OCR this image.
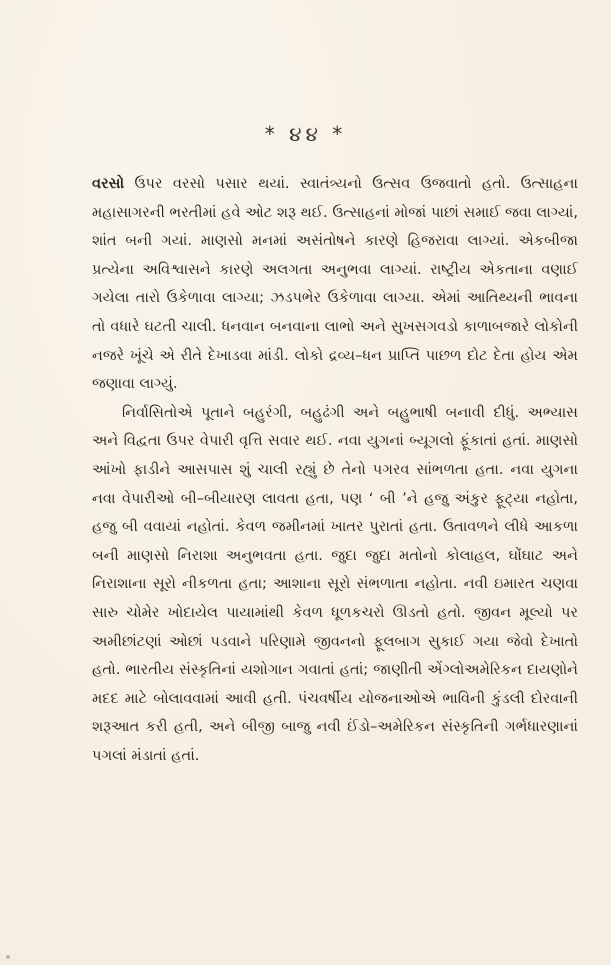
* ૪૪ *

વરસો ઉપર વરસો પસાર થયાં. સ્વાતંત્ર્યનો ઉત્સવ ઉજવાતો હતો. ઉત્સાહના મહાસાગરની ભરતીમાં હવે ઓટ શરૂ થઈ. ઉત્સાહનાં મોજાં પાછાં સમાઈ જવા લાગ્યાં, શાંત બની ગયાં. માણસો મનમાં અસંતોષને કારણે હિજરાવા લાગ્યાં. એકબીજા પ્રત્યેના અવિશ્વાસને કારણે અલગતા અનુભવા લાગ્યાં. રાષ્ટ્રીય એકતાના વણાઈ ગયેલા તારો ઉકેળાવા લાગ્યા; ઝડપભેર ઉકેળાવા લાગ્યા. એમાં આતિથ્યની ભાવના તો વધારે ઘટતી ચાલી. ધનવાન બનવાના લાભો અને સુખસગવડો કાળાબજારે લોકોની નજરે ખૂંચે એ રીતે દેખાડવા માંડી. લોકો દ્રવ્ય–ધન પ્રાપ્તિ પાછળ દોટ દેતા હોય એમ જણાવા લાગ્યું.

નિર્વાસિતોએ પૂતાને બહુરંગી, બહુઢંગી અને બહુભાષી બનાવી દીધું. અભ્યાસ અને વિદ્વતા ઉપર વેપારી વૃત્તિ સવાર થઈ. નવા યુગનાં બ્યૂગલો ફૂંકાતાં હતાં. માણસો આંખો ફાડીને આસપાસ શું ચાલી રહ્યું છે તેનો પગરવ સાંભળતા હતા. નવા યુગના નવા વેપારીઓ બી–બીયારણ લાવતા હતા, પણ ‘ બી ’ને હજુ અંકુર ફૂટ્યા નહોતા, હજુ બી વવાયાં નહોતાં. કેવળ જમીનમાં ખાતર પુરાતાં હતા. ઉતાવળને લીધે આકળા બની માણસો નિરાશા અનુભવતા હતા. જુદા જુદા મતોનો કોલાહલ, ઘોંઘાટ અને નિરાશાના સૂરો નીકળતા હતા; આશાના સૂરો સંભળાતા નહોતા. નવી ઇમારત ચણવા સારુ ચોમેર ખોદાયેલ પાયામાંથી કેવળ ધૂળકચરો ઊડતો હતો. જીવન મૂલ્યો પર અમીછાંટણાં ઓછાં પડવાને પરિણામે જીવનનો ફૂલબાગ સુકાઈ ગયા જેવો દેખાતો હતો. ભારતીય સંસ્કૃતિનાં યશોગાન ગવાતાં હતાં; જાણીતી એંગ્લોઅમેરિકન દાયણોને મદદ માટે બોલાવવામાં આવી હતી. પંચવર્ષીય યોજનાઓએ ભાવિની કુંડલી દોરવાની શરૂઆત કરી હતી, અને બીજી બાજુ નવી ઈંડો–અમેરિકન સંસ્કૃતિની ગર્ભધારણાનાં પગલાં મંડાતાં હતાં.
